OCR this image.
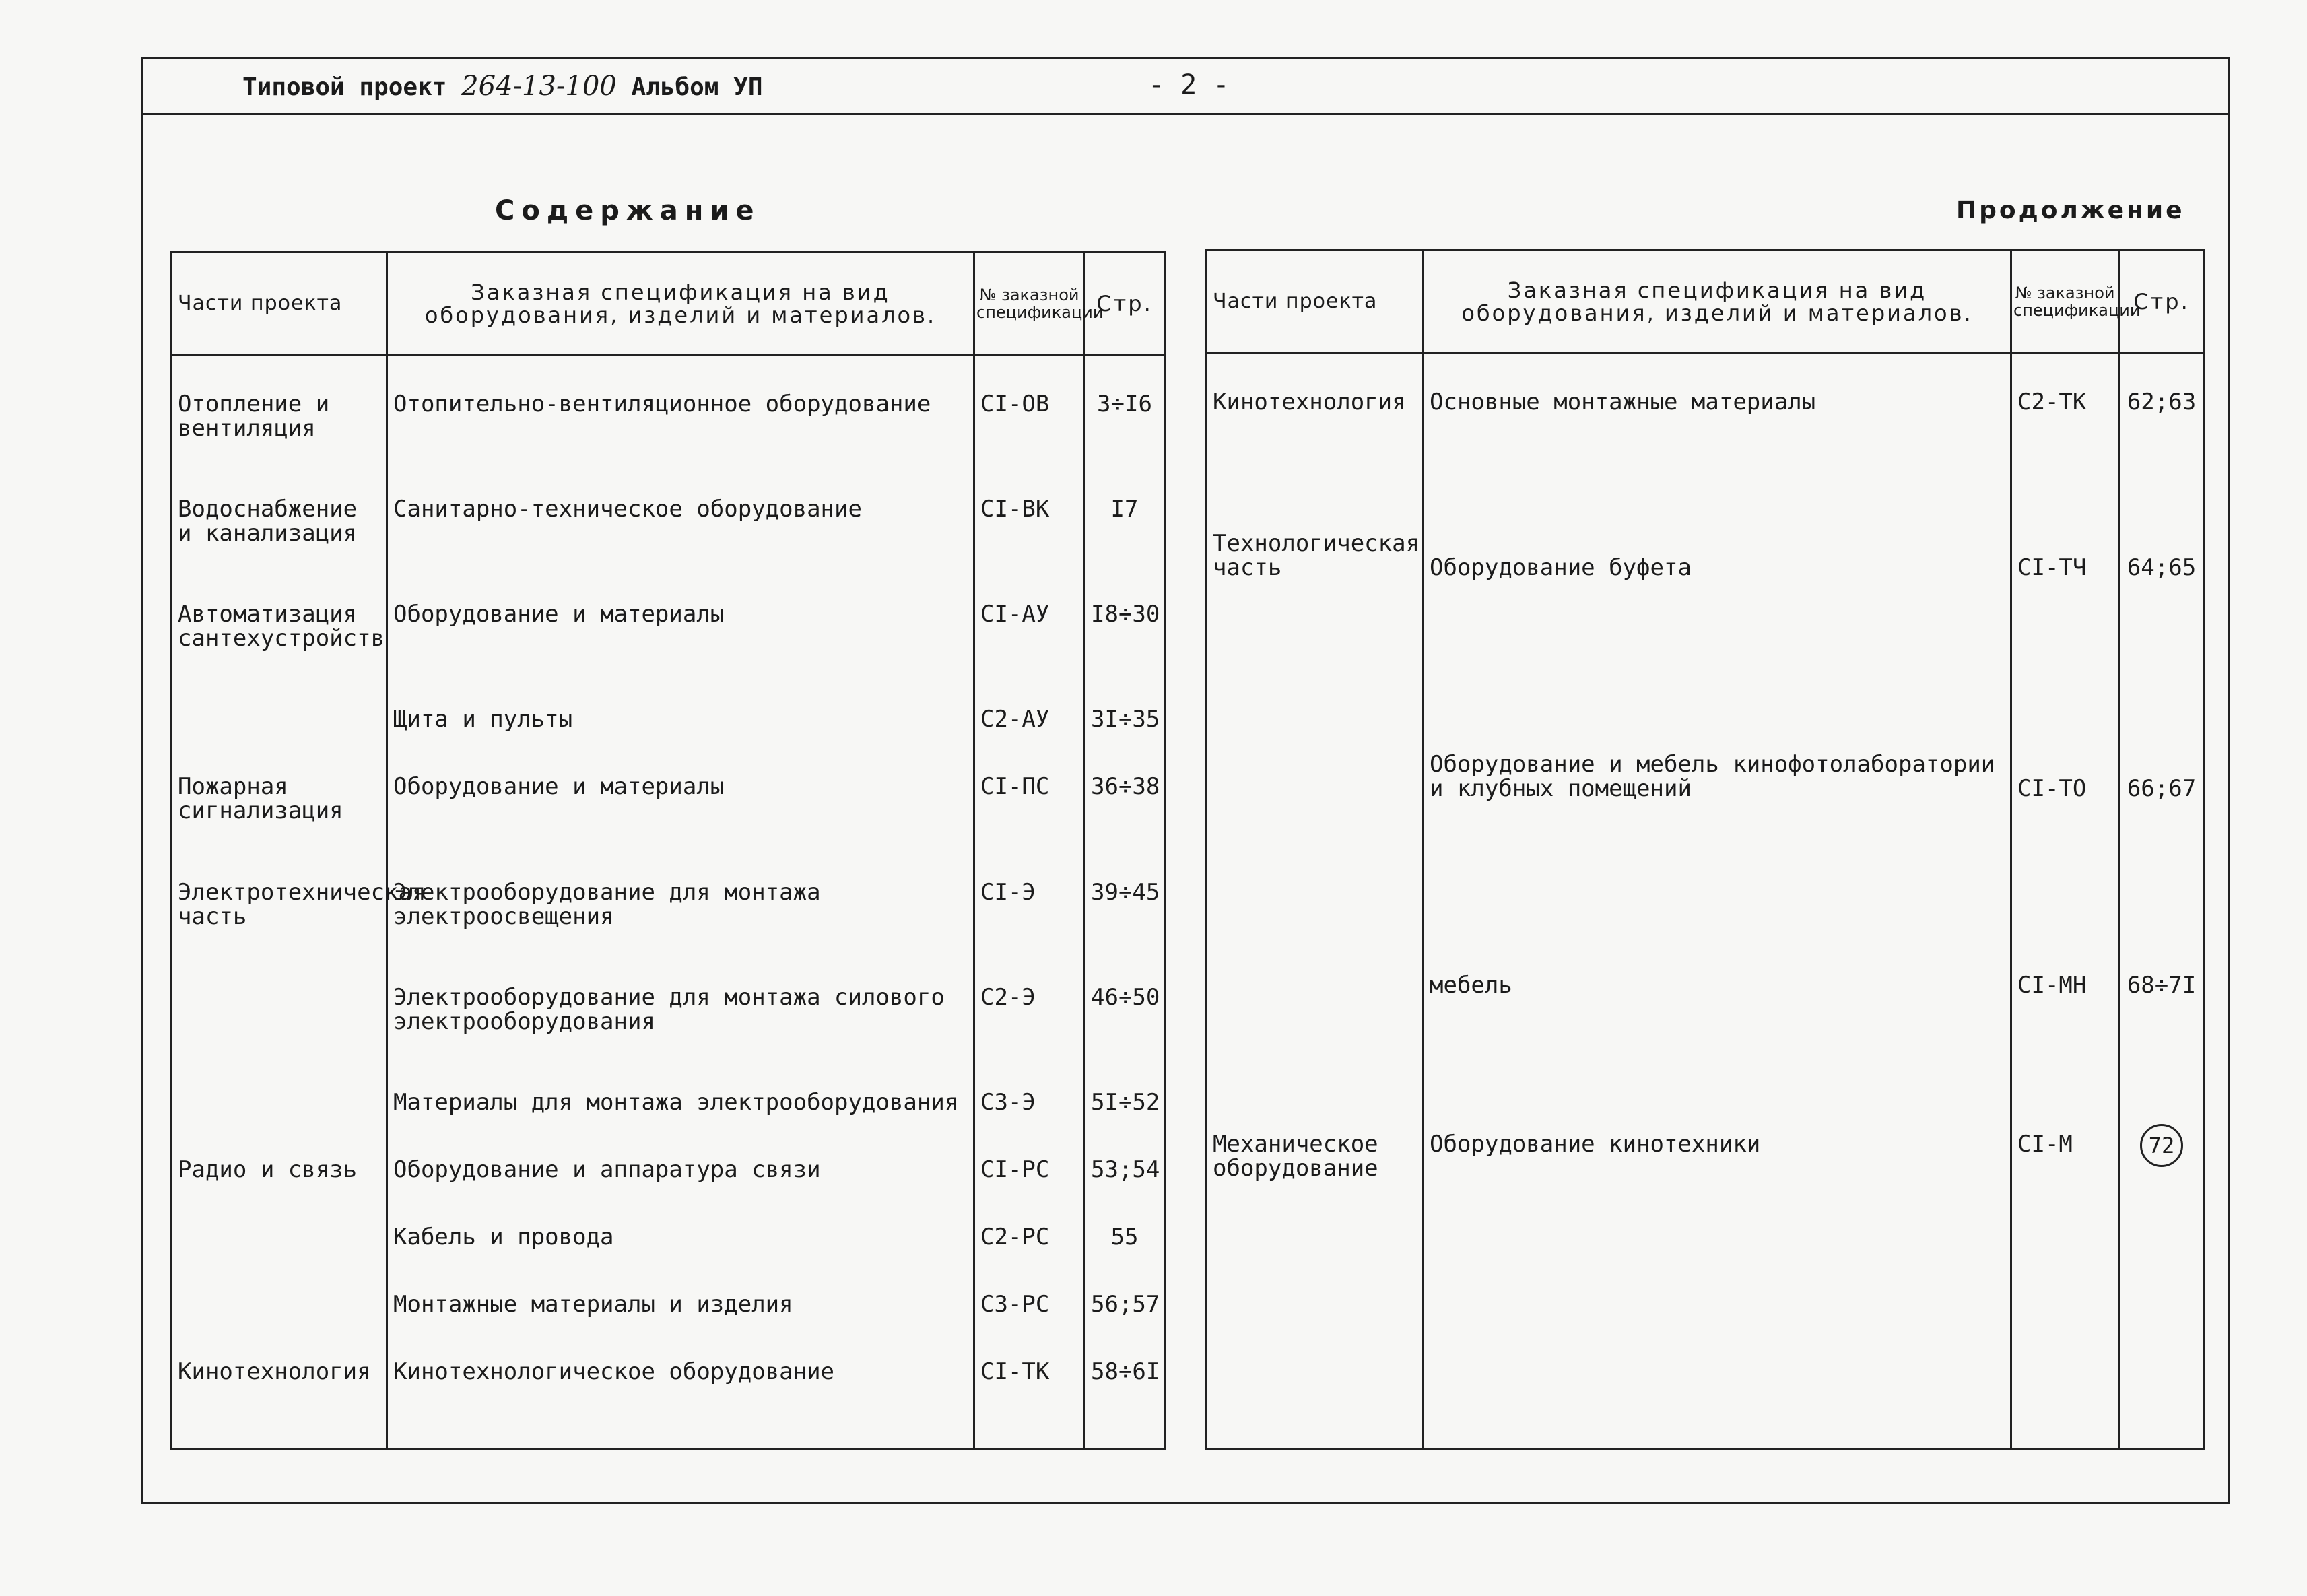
Типовой проект 264-13-100 Альбом УП	- 2 -
Содержание	Продолжение
Части проекта	Заказная спецификация на вид оборудования, изделий и материалов.	№ заказной спецификации	Стр.

Отопление и вентиляция	Отопительно-вентиляционное оборудование	CI-OB	3÷I6
Водоснабжение и канализация	Санитарно-техническое оборудование	CI-ВК	I7
Автоматизация сантехустройств	Оборудование и материалы	CI-АУ	I8÷30
	Щита и пульты	C2-АУ	3I÷35
Пожарная сигнализация	Оборудование и материалы	CI-ПС	36÷38
Электротехническая часть	Электрооборудование для монтажа электроосвещения	CI-Э	39÷45
	Электрооборудование для монтажа силового электрооборудования	C2-Э	46÷50
	Материалы для монтажа электрооборудования	C3-Э	5I÷52
Радио и связь	Оборудование и аппаратура связи	CI-PC	53;54
	Кабель и провода	C2-PC	55
	Монтажные материалы и изделия	C3-PC	56;57
Кинотехнология	Кинотехнологическое оборудование	CI-ТК	58÷6I

Части проекта	Заказная спецификация на вид оборудования, изделий и материалов.	№ заказной спецификации	Стр.

Кинотехнология	Основные монтажные материалы	C2-ТК	62;63
Технологическая часть	Оборудование буфета	CI-ТЧ	64;65
	Оборудование и мебель кинофотолаборатории и клубных помещений	CI-ТО	66;67
	мебель	CI-МН	68÷7I
Механическое оборудование	Оборудование кинотехники	CI-М	72
